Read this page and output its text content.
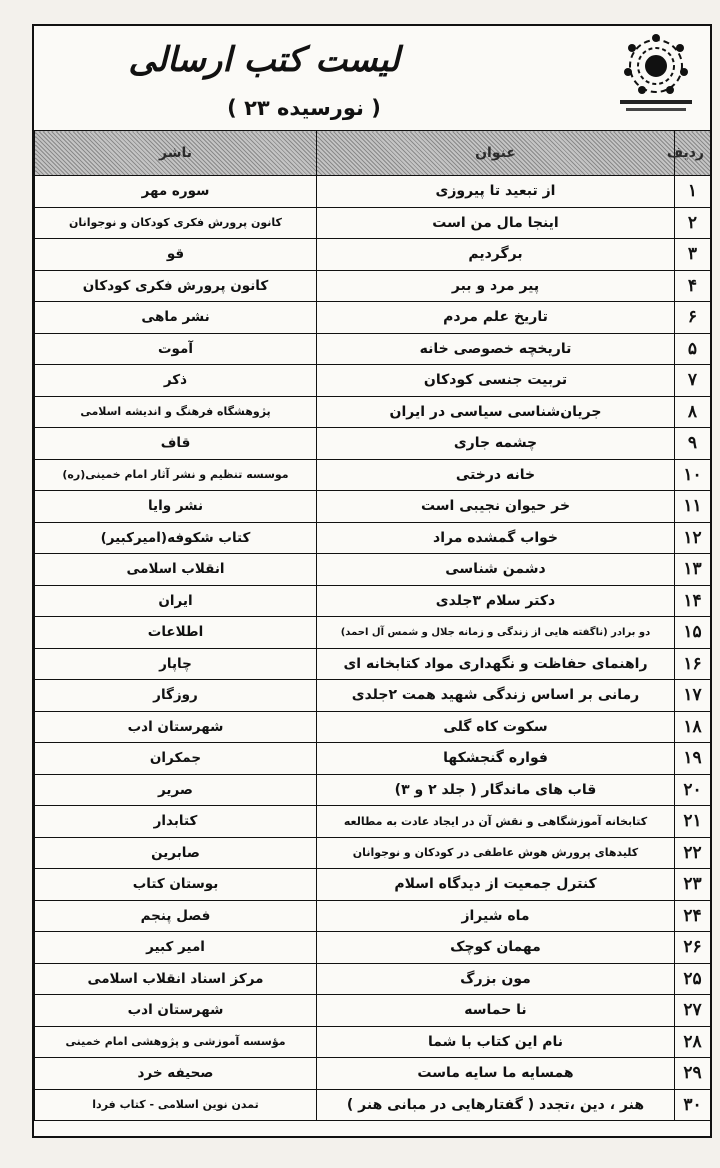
لیست کتب ارسالی
( نورسیده ۲۳ )
ردیف	عنوان	ناشر
۱	از تبعید تا پیروزی	سوره مهر
۲	اینجا مال من است	کانون پرورش فکری کودکان و نوجوانان
۳	برگردیم	قو
۴	پیر مرد و ببر	کانون پرورش فکری کودکان
۶	تاریخ علم مردم	نشر ماهی
۵	تاریخچه خصوصی خانه	آموت
۷	تربیت جنسی کودکان	ذکر
۸	جریان‌شناسی سیاسی در ایران	پژوهشگاه فرهنگ و اندیشه اسلامی
۹	چشمه جاری	قاف
۱۰	خانه درختی	موسسه تنظیم و نشر آثار امام خمینی(ره)
۱۱	خر حیوان نجیبی است	نشر وایا
۱۲	خواب گمشده مراد	کتاب شکوفه(امیرکبیر)
۱۳	دشمن شناسی	انقلاب اسلامی
۱۴	دکتر سلام ۳جلدی	ایران
۱۵	دو برادر (ناگفته هایی از زندگی و زمانه جلال و شمس آل احمد)	اطلاعات
۱۶	راهنمای حفاظت و نگهداری مواد کتابخانه ای	چاپار
۱۷	رمانی بر اساس زندگی شهید همت ۲جلدی	روزگار
۱۸	سکوت کاه گلی	شهرستان ادب
۱۹	فواره گنجشکها	جمکران
۲۰	قاب های ماندگار ( جلد ۲ و ۳)	صریر
۲۱	کتابخانه آموزشگاهی و نقش آن در ایجاد عادت به مطالعه	کتابدار
۲۲	کلیدهای پرورش هوش عاطفی در کودکان و نوجوانان	صابرین
۲۳	کنترل جمعیت از دیدگاه اسلام	بوستان کتاب
۲۴	ماه شیراز	فصل پنجم
۲۶	مهمان کوچک	امیر کبیر
۲۵	مون بزرگ	مرکز اسناد انقلاب اسلامی
۲۷	نا حماسه	شهرستان ادب
۲۸	نام این کتاب با شما	مؤسسه آموزشی و پژوهشی امام خمینی
۲۹	همسایه ما سایه ماست	صحیفه خرد
۳۰	هنر ، دین ،تجدد ( گفتارهایی در مبانی هنر )	تمدن نوین اسلامی - کتاب فردا
